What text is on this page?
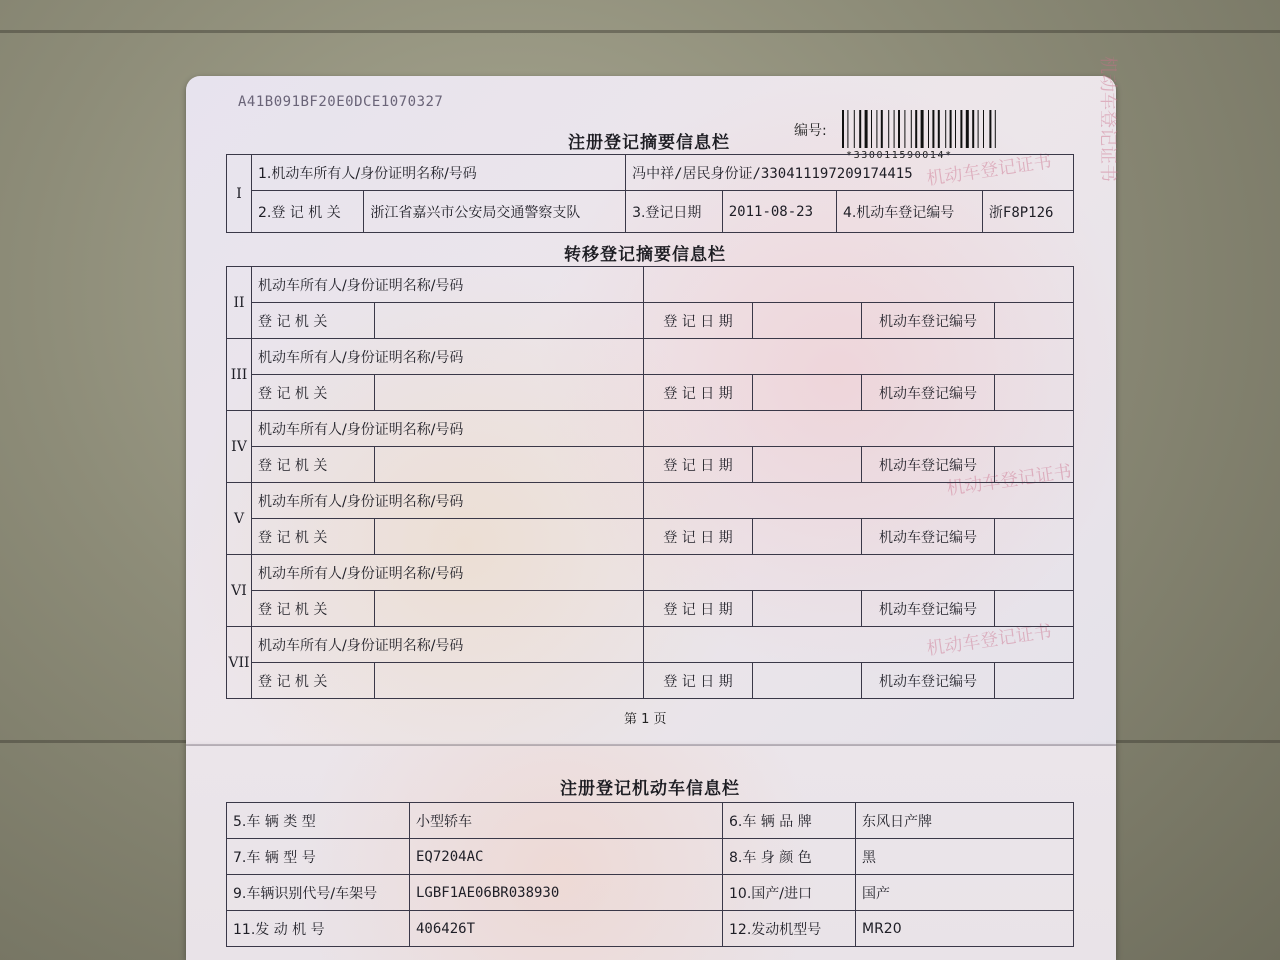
机动车登记证书 机动车登记证书
机动车登记证书
机动车登记证书
A41B091BF20E0DCE1070327
注册登记摘要信息栏
编号:
*330011590014*
I	1.机动车所有人/身份证明名称/号码		冯中祥/居民身份证/330411197209174415			
	2.登 记 机 关	浙江省嘉兴市公安局交通警察支队	3.登记日期	2011-08-23	4.机动车登记编号	浙F8P126
转移登记摘要信息栏
II	机动车所有人/身份证明名称/号码					
	登 记 机 关		登 记 日 期		机动车登记编号	
III	机动车所有人/身份证明名称/号码					
	登 记 机 关		登 记 日 期		机动车登记编号	
IV	机动车所有人/身份证明名称/号码					
	登 记 机 关		登 记 日 期		机动车登记编号	
V	机动车所有人/身份证明名称/号码					
	登 记 机 关		登 记 日 期		机动车登记编号	
VI	机动车所有人/身份证明名称/号码					
	登 记 机 关		登 记 日 期		机动车登记编号	
VII	机动车所有人/身份证明名称/号码					
	登 记 机 关		登 记 日 期		机动车登记编号	
第 1 页
注册登记机动车信息栏
5.车 辆 类 型	小型轿车	6.车 辆 品 牌	东风日产牌
7.车 辆 型 号	EQ7204AC	8.车 身 颜 色	黑
9.车辆识别代号/车架号	LGBF1AE06BR038930	10.国产/进口	国产
11.发 动 机 号	406426T	12.发动机型号	MR20
